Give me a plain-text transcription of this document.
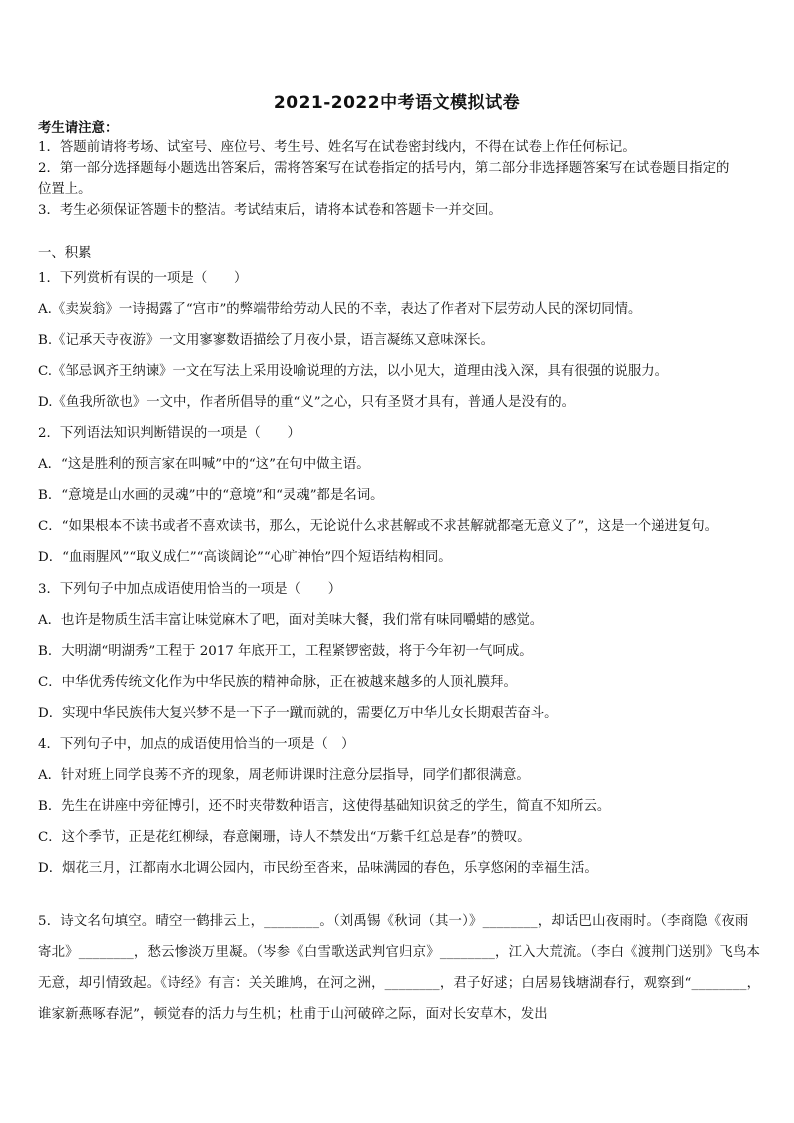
2021-2022中考语文模拟试卷
考生请注意：
1．答题前请将考场、试室号、座位号、考生号、姓名写在试卷密封线内，不得在试卷上作任何标记。
2．第一部分选择题每小题选出答案后，需将答案写在试卷指定的括号内，第二部分非选择题答案写在试卷题目指定的
位置上。
3．考生必须保证答题卡的整洁。考试结束后，请将本试卷和答题卡一并交回。
一、积累
1．下列赏析有误的一项是（　　）
A.《卖炭翁》一诗揭露了“宫市”的弊端带给劳动人民的不幸，表达了作者对下层劳动人民的深切同情。
B.《记承天寺夜游》一文用寥寥数语描绘了月夜小景，语言凝练又意味深长。
C.《邹忌讽齐王纳谏》一文在写法上采用设喻说理的方法，以小见大，道理由浅入深，具有很强的说服力。
D.《鱼我所欲也》一文中，作者所倡导的重“义”之心，只有圣贤才具有，普通人是没有的。
2．下列语法知识判断错误的一项是（　　）
A．“这是胜利的预言家在叫喊”中的“这”在句中做主语。
B．“意境是山水画的灵魂”中的“意境”和“灵魂”都是名词。
C．“如果根本不读书或者不喜欢读书，那么，无论说什么求甚解或不求甚解就都毫无意义了”，这是一个递进复句。
D．“血雨腥风”“取义成仁”“高谈阔论”“心旷神怡”四个短语结构相同。
3．下列句子中加点成语使用恰当的一项是（　　）
A．也许是物质生活丰富让味觉麻木了吧，面对美味大餐，我们常有味同嚼蜡的感觉。
B．大明湖“明湖秀”工程于 2017 年底开工，工程紧锣密鼓，将于今年初一气呵成。
C．中华优秀传统文化作为中华民族的精神命脉，正在被越来越多的人顶礼膜拜。
D．实现中华民族伟大复兴梦不是一下子一蹴而就的，需要亿万中华儿女长期艰苦奋斗。
4．下列句子中，加点的成语使用恰当的一项是（　）
A．针对班上同学良莠不齐的现象，周老师讲课时注意分层指导，同学们都很满意。
B．先生在讲座中旁征博引，还不时夹带数种语言，这使得基础知识贫乏的学生，简直不知所云。
C．这个季节，正是花红柳绿，春意阑珊，诗人不禁发出“万紫千红总是春”的赞叹。
D．烟花三月，江都南水北调公园内，市民纷至沓来，品味满园的春色，乐享悠闲的幸福生活。
5．诗文名句填空。晴空一鹤排云上，________。（刘禹锡《秋词（其一）》________，却话巴山夜雨时。（李商隐《夜雨寄北》________，愁云惨淡万里凝。（岑参《白雪歌送武判官归京》________，江入大荒流。（李白《渡荆门送别》飞鸟本无意，却引情致起。《诗经》有言：关关雎鸠，在河之洲，________，君子好逑；白居易钱塘湖春行，观察到“________，谁家新燕啄春泥”，顿觉春的活力与生机；杜甫于山河破碎之际，面对长安草木，发出
